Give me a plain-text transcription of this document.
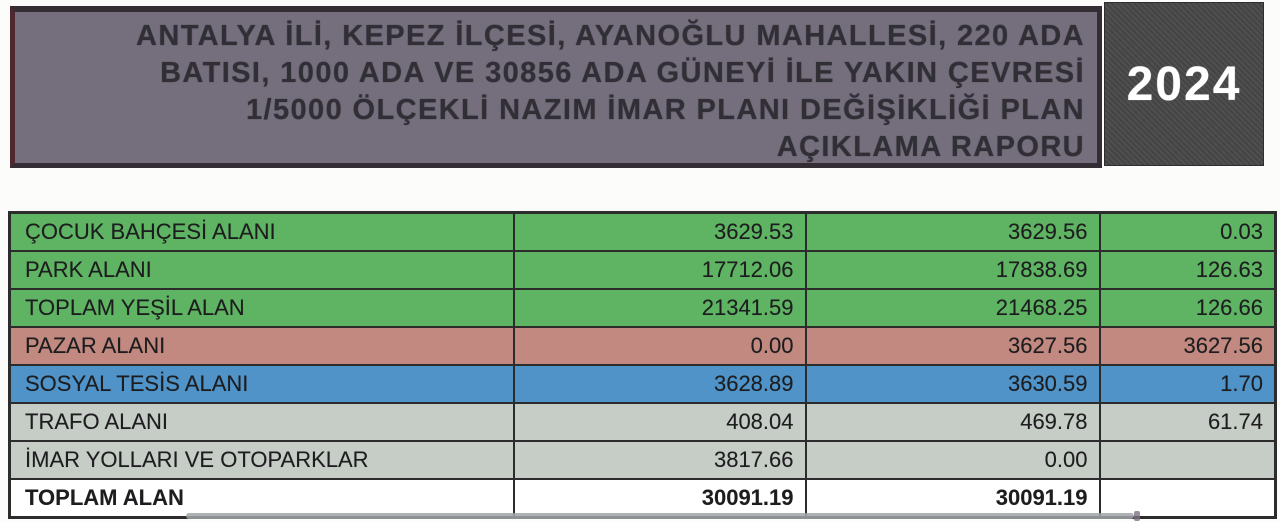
ANTALYA İLİ, KEPEZ İLÇESİ, AYANOĞLU MAHALLESİ, 220 ADA
BATISI, 1000 ADA VE 30856 ADA GÜNEYİ İLE YAKIN ÇEVRESİ
1/5000 ÖLÇEKLİ NAZIM İMAR PLANI DEĞİŞİKLİĞİ PLAN
AÇIKLAMA RAPORU
2024
ÇOCUK BAHÇESİ ALANI	3629.53	3629.56	0.03
PARK ALANI	17712.06	17838.69	126.63
TOPLAM YEŞİL ALAN	21341.59	21468.25	126.66
PAZAR ALANI	0.00	3627.56	3627.56
SOSYAL TESİS ALANI	3628.89	3630.59	1.70
TRAFO ALANI	408.04	469.78	61.74
İMAR YOLLARI VE OTOPARKLAR	3817.66	0.00	
TOPLAM ALAN	30091.19	30091.19	
